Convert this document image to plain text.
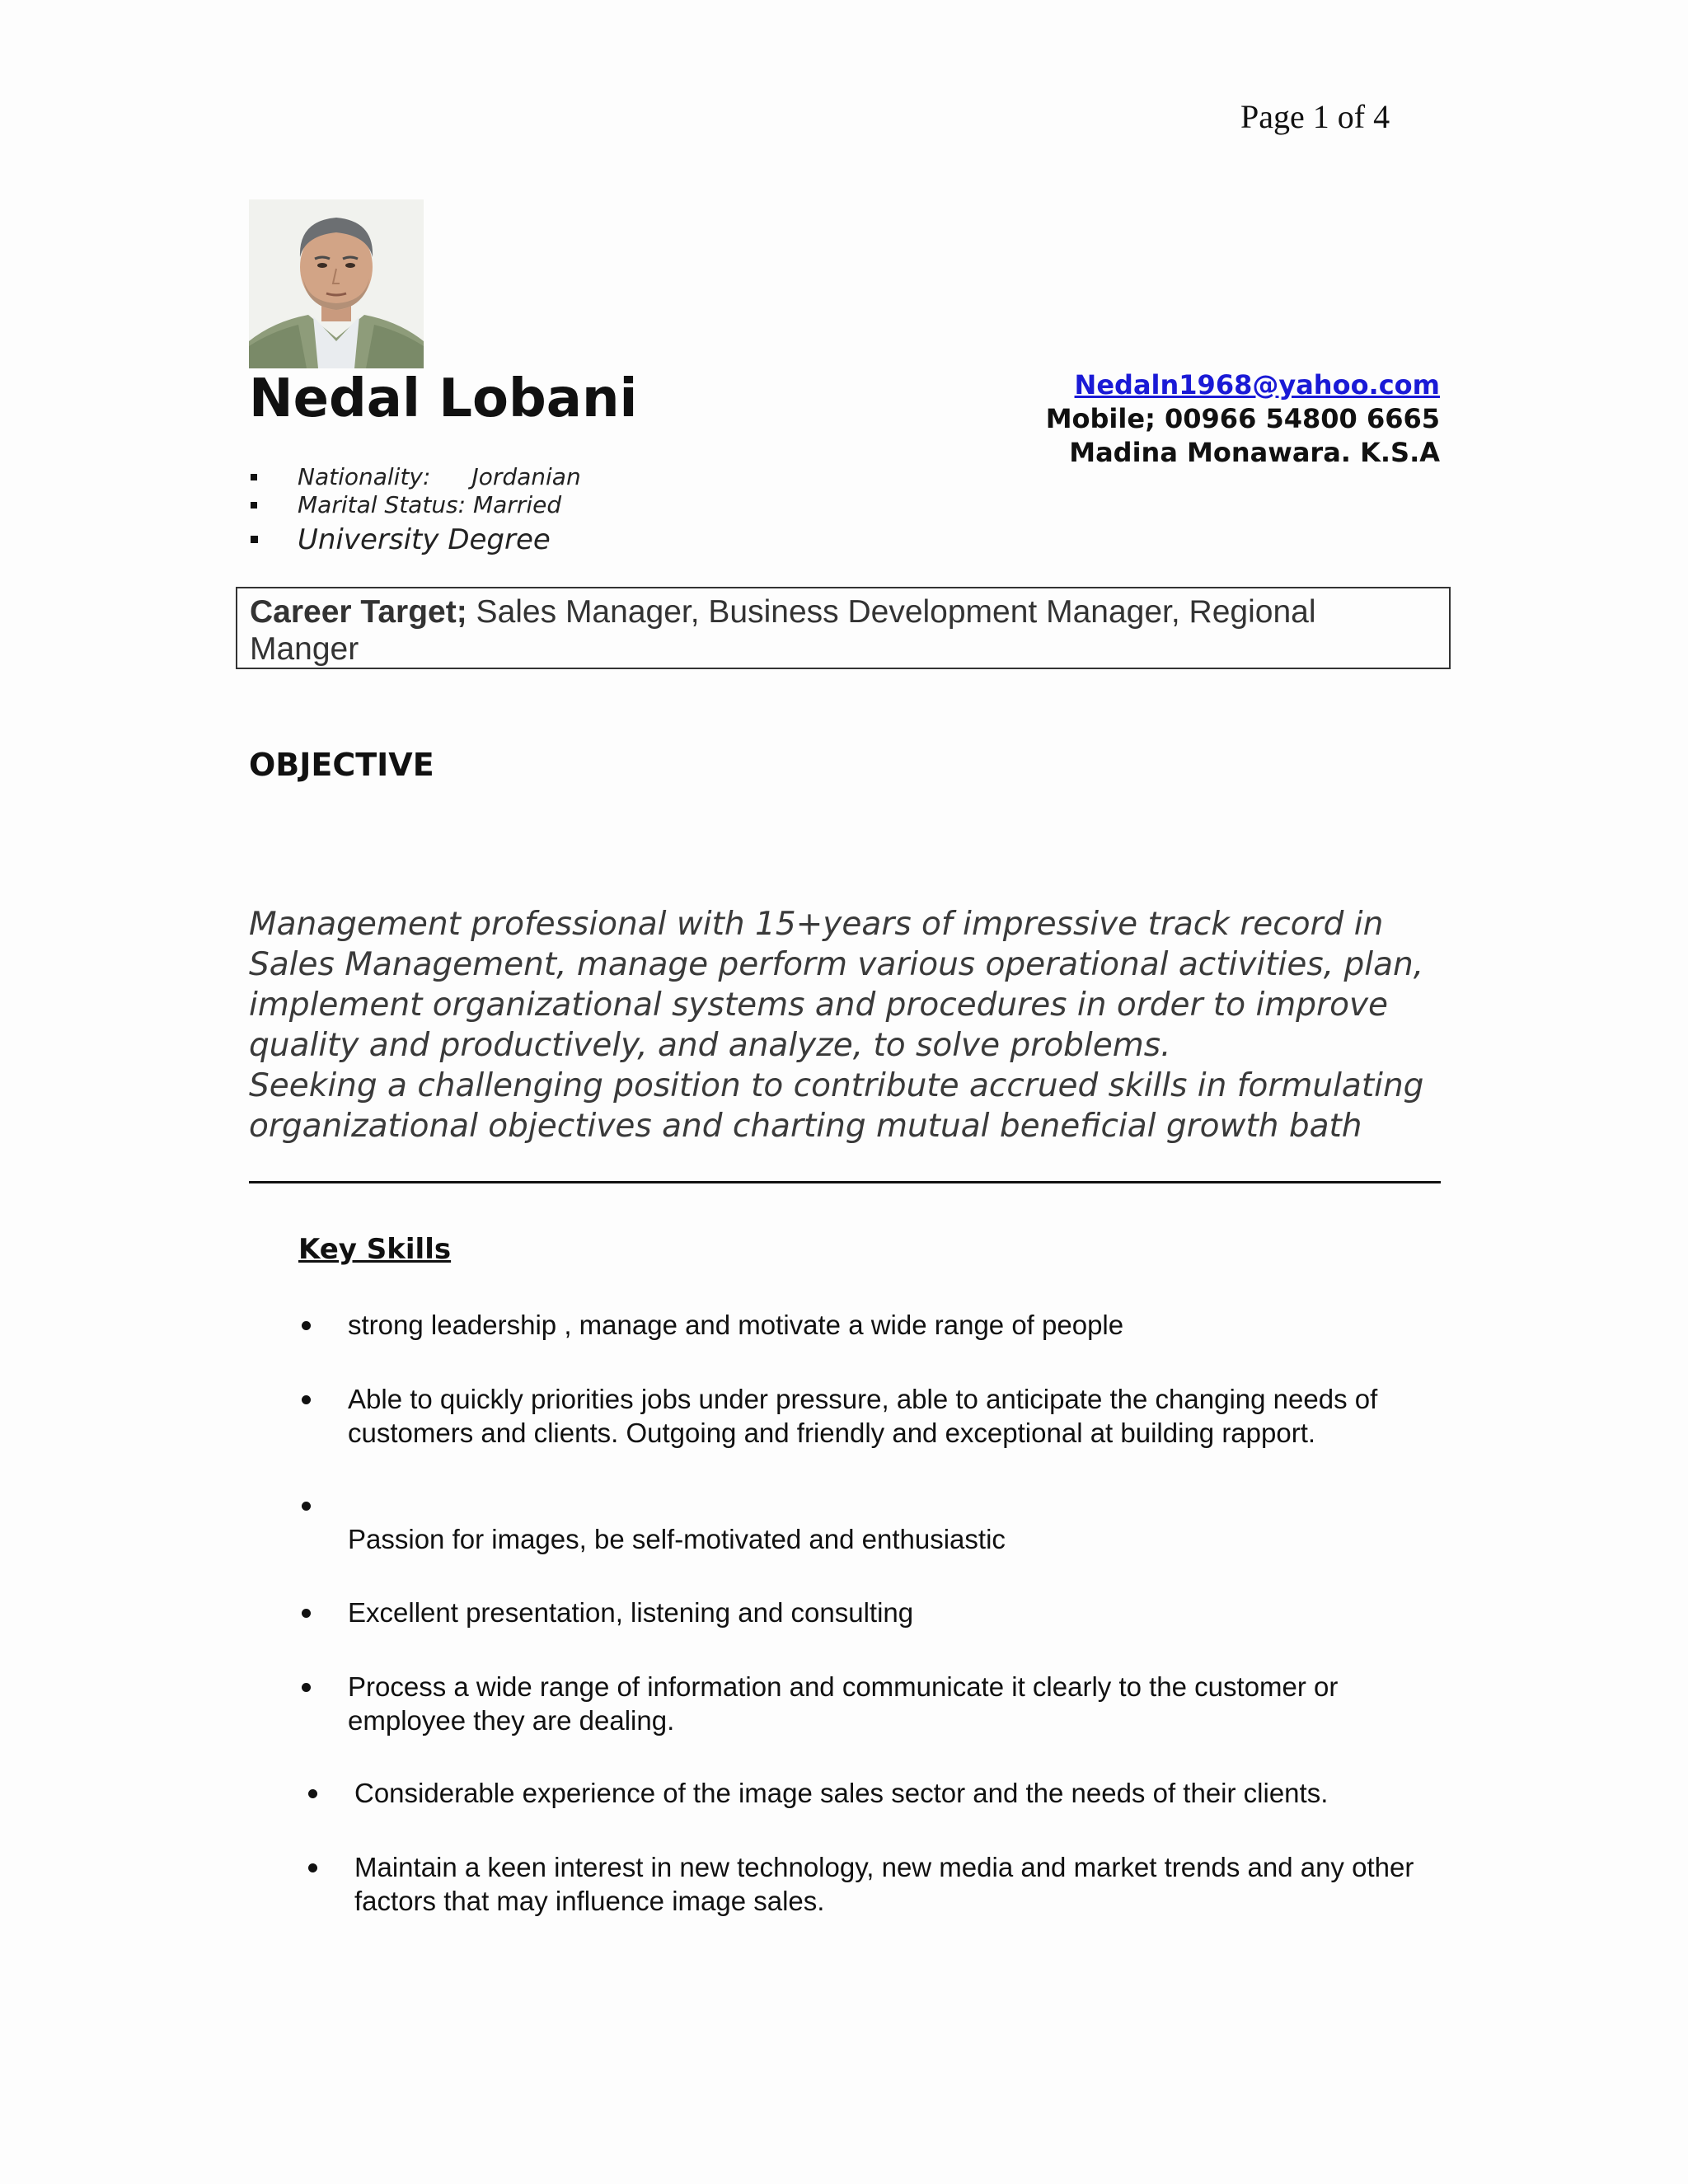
Page 1 of 4
Nedal Lobani	Nedaln1968@yahoo.com
Mobile; 00966 54800 6665
Madina Monawara. K.S.A
Nationality: Jordanian
Marital Status: Married
University Degree
Career Target; Sales Manager, Business Development Manager, Regional
Manger
OBJECTIVE
Management professional with 15+years of impressive track record in
Sales Management, manage perform various operational activities, plan,
implement organizational systems and procedures in order to improve
quality and productively, and analyze, to solve problems.
Seeking a challenging position to contribute accrued skills in formulating
organizational objectives and charting mutual beneficial growth bath
Key Skills
strong leadership , manage and motivate a wide range of people
Able to quickly priorities jobs under pressure, able to anticipate the changing needs of
customers and clients. Outgoing and friendly and exceptional at building rapport.
Passion for images, be self-motivated and enthusiastic
Excellent presentation, listening and consulting
Process a wide range of information and communicate it clearly to the customer or
employee they are dealing.
Considerable experience of the image sales sector and the needs of their clients.
Maintain a keen interest in new technology, new media and market trends and any other
factors that may influence image sales.
